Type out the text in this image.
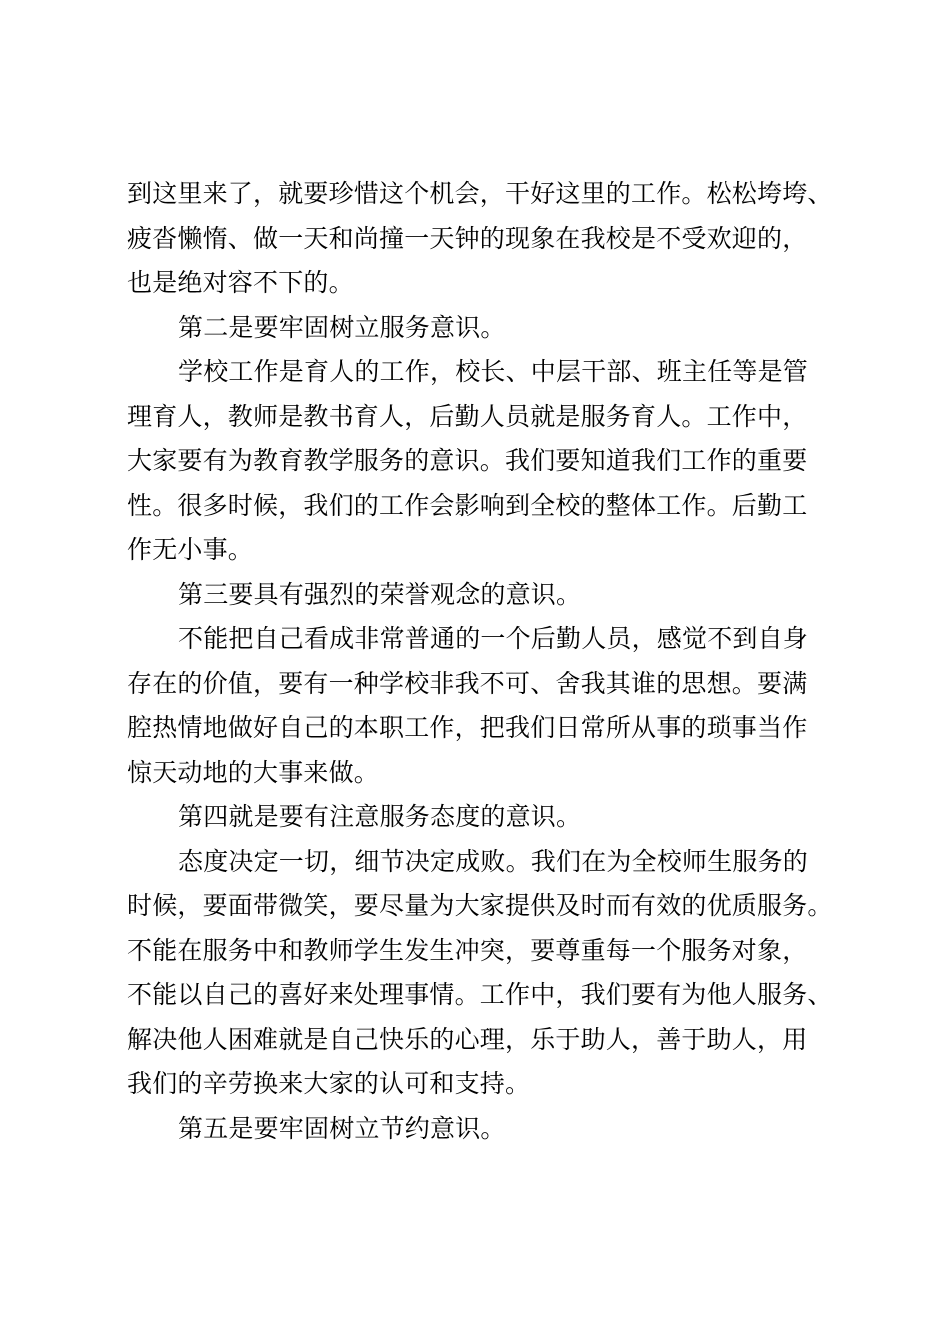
到这里来了，就要珍惜这个机会，干好这里的工作。松松垮垮、
疲沓懒惰、做一天和尚撞一天钟的现象在我校是不受欢迎的，
也是绝对容不下的。
第二是要牢固树立服务意识。
学校工作是育人的工作，校长、中层干部、班主任等是管
理育人，教师是教书育人，后勤人员就是服务育人。工作中，
大家要有为教育教学服务的意识。我们要知道我们工作的重要
性。很多时候，我们的工作会影响到全校的整体工作。后勤工
作无小事。
第三要具有强烈的荣誉观念的意识。
不能把自己看成非常普通的一个后勤人员，感觉不到自身
存在的价值，要有一种学校非我不可、舍我其谁的思想。要满
腔热情地做好自己的本职工作，把我们日常所从事的琐事当作
惊天动地的大事来做。
第四就是要有注意服务态度的意识。
态度决定一切，细节决定成败。我们在为全校师生服务的
时候，要面带微笑，要尽量为大家提供及时而有效的优质服务。
不能在服务中和教师学生发生冲突，要尊重每一个服务对象，
不能以自己的喜好来处理事情。工作中，我们要有为他人服务、
解决他人困难就是自己快乐的心理，乐于助人，善于助人，用
我们的辛劳换来大家的认可和支持。
第五是要牢固树立节约意识。
